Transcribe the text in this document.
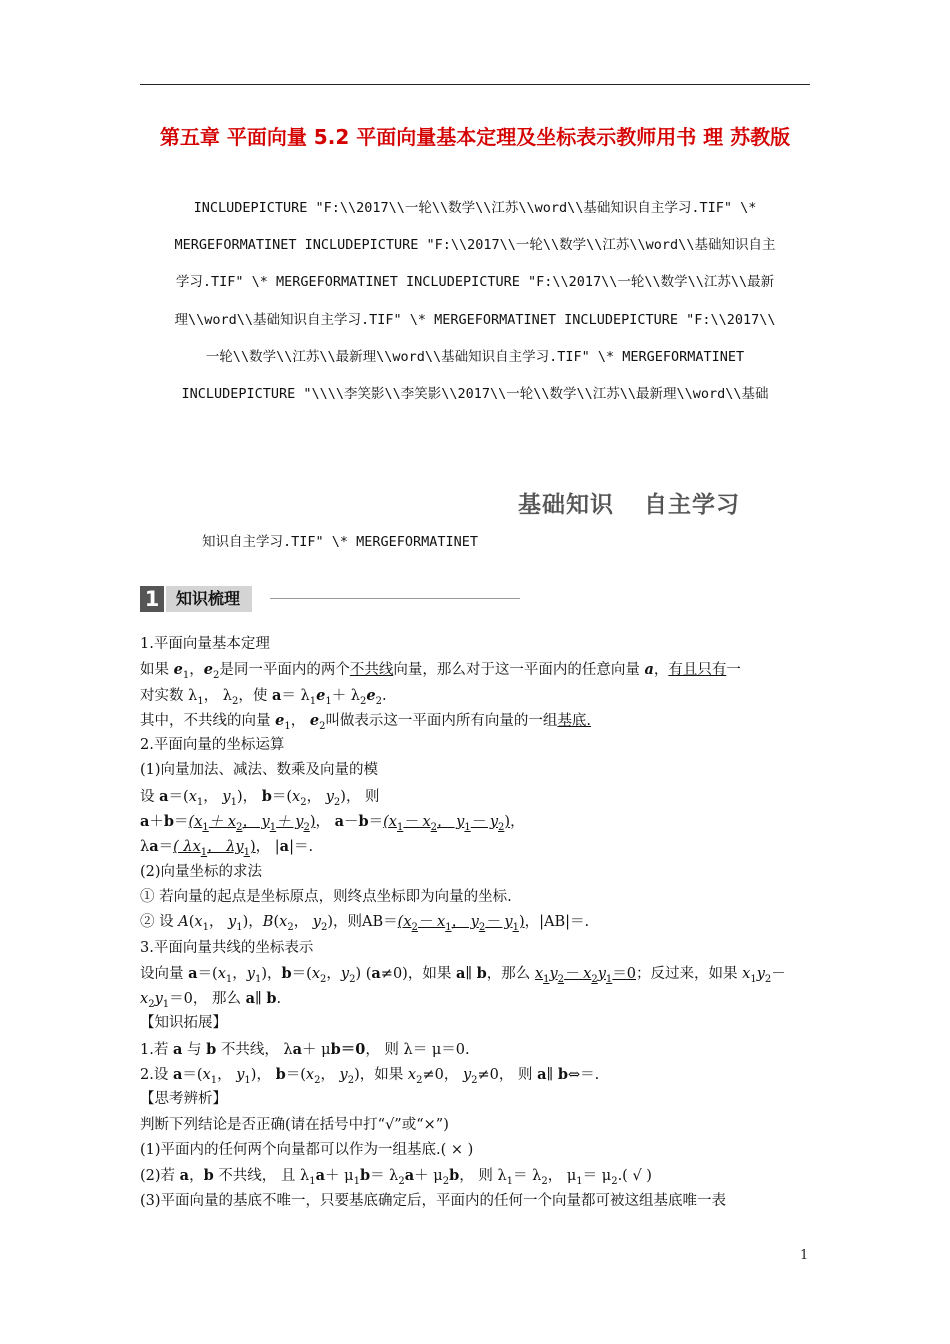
第五章 平面向量 5.2 平面向量基本定理及坐标表示教师用书 理 苏教版
INCLUDEPICTURE "F:\\2017\\一轮\\数学\\江苏\\word\\基础知识自主学习.TIF" \*
MERGEFORMATINET INCLUDEPICTURE "F:\\2017\\一轮\\数学\\江苏\\word\\基础知识自主
学习.TIF" \* MERGEFORMATINET INCLUDEPICTURE "F:\\2017\\一轮\\数学\\江苏\\最新
理\\word\\基础知识自主学习.TIF" \* MERGEFORMATINET INCLUDEPICTURE "F:\\2017\\
一轮\\数学\\江苏\\最新理\\word\\基础知识自主学习.TIF" \* MERGEFORMATINET
INCLUDEPICTURE "\\\\李笑影\\李笑影\\2017\\一轮\\数学\\江苏\\最新理\\word\\基础
基础知识 自主学习
知识自主学习.TIF" \* MERGEFORMATINET
1	知识梳理
1.平面向量基本定理
如果 $e_1$，$e_2$是同一平面内的两个不共线向量，那么对于这一平面内的任意向量 a，有且只有一
对实数 $\lambda_1$， $\lambda_2$，使 $a= \lambda_1e_1+ \lambda_2e_2$.
其中，不共线的向量 $e_1$， $e_2$叫做表示这一平面内所有向量的一组基底.
2.平面向量的坐标运算
(1)向量加法、减法、数乘及向量的模
设 $a=(x_1$， $y_1$)， $b=(x_2$， $y_2$)， 则
$a+b=(x_1+ x_2$， $y_1+ y_2$)， $a-b=(x_1- x_2$， $y_1- y_2$)，
λa＝( $\lambda x_1$， $\lambda y_1$)， |a|＝.
(2)向量坐标的求法
① 若向量的起点是坐标原点，则终点坐标即为向量的坐标.
② 设 $A(x_1$， $y_1$)，$B(x_2$， $y_2$)，则$AB=(x_2- x_1$， $y_2- y_1$)，|AB|＝.
3.平面向量共线的坐标表示
设向量 $a=(x_1$，$y_1$)，$b=(x_2$，$y_2$) (a≠0)，如果 a∥ b，那么 $x_1y_2- x_2y_1=0$；反过来，如果 $x_1y_2-$
$x_2y_1=0$， 那么 a∥ b.
【知识拓展】
1.若 a 与 b 不共线， λa＋ μb＝0， 则 λ＝ μ＝0.
2.设 $a=(x_1$， $y_1$)， $b=(x_2$， $y_2$)，如果 $x_2\ne 0$， $y_2\ne 0$， 则 a∥ b⇔＝.
【思考辨析】
判断下列结论是否正确(请在括号中打“√”或“×”)
(1)平面内的任何两个向量都可以作为一组基底.( × )
(2)若 a，b 不共线， 且 $\lambda_1a+ \mu_1b= \lambda_2a+ \mu_2b$， 则 $\lambda_1= \lambda_2$， $\mu_1= \mu_2$.( √ )
(3)平面向量的基底不唯一，只要基底确定后，平面内的任何一个向量都可被这组基底唯一表
1
